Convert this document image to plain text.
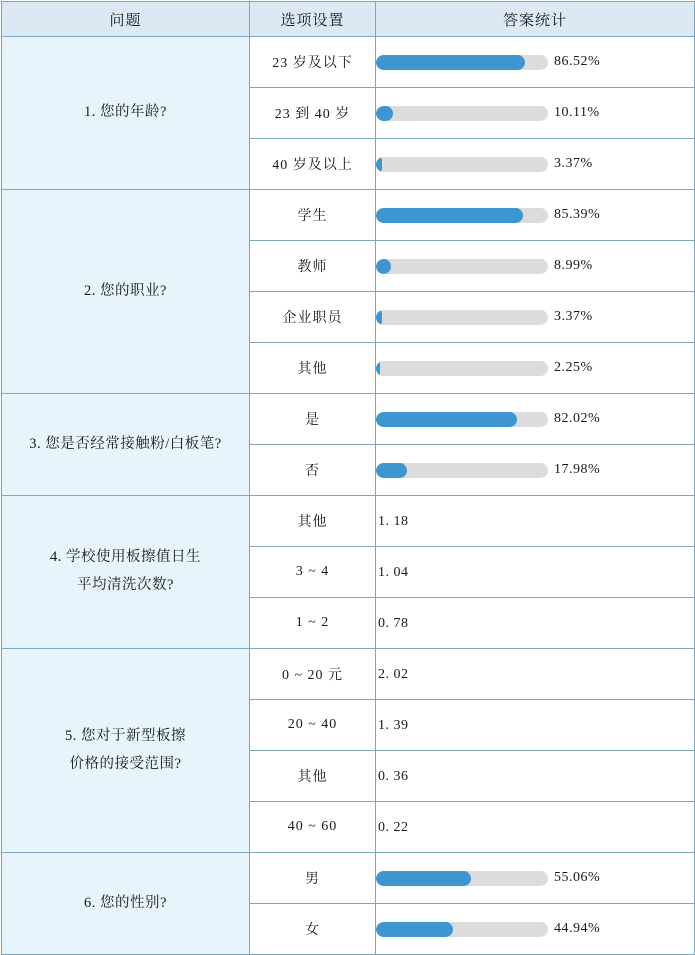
问题	选项设置	答案统计

1. 您的年龄?	23 岁及以下	86.52%

	23 到 40 岁	10.11%

	40 岁及以上	3.37%

2. 您的职业?	学生	85.39%

	教师	8.99%

	企业职员	3.37%

	其他	2.25%

3. 您是否经常接触粉/白板笔?	是	82.02%

	否	17.98%

4. 学校使用板擦值日生
平均清洗次数?	其他	1. 18
	3 ~ 4	1. 04
	1 ~ 2	0. 78

5. 您对于新型板擦
价格的接受范围?	0 ~ 20 元	2. 02
	20 ~ 40	1. 39
	其他	0. 36
	40 ~ 60	0. 22

6. 您的性别?	男	55.06%

	女	44.94%
